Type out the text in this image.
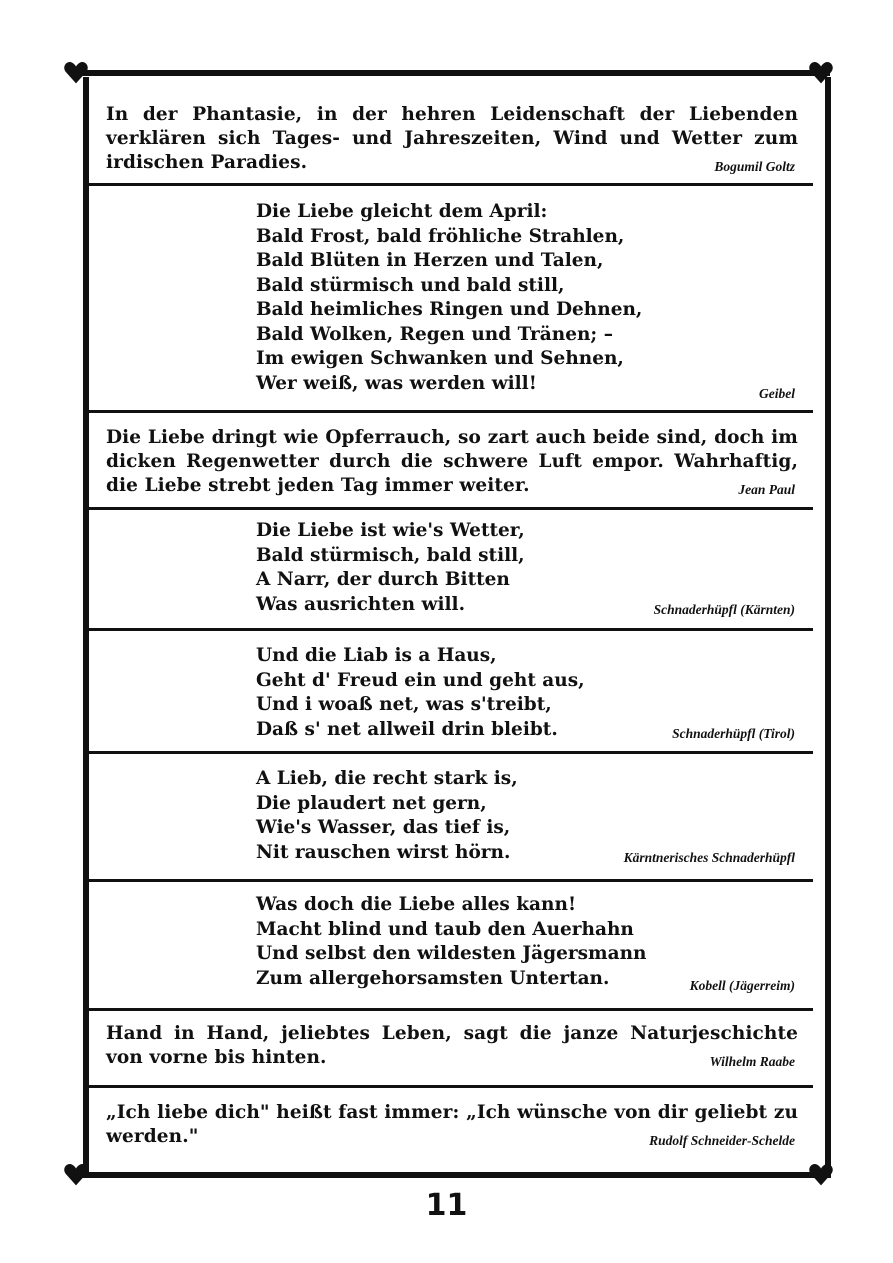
In der Phantasie, in der hehren Leidenschaft der Liebenden verklären sich Tages- und Jahreszeiten, Wind und Wetter zum irdischen Paradies.	Bogumil Goltz
Die Liebe gleicht dem April:
Bald Frost, bald fröhliche Strahlen,
Bald Blüten in Herzen und Talen,
Bald stürmisch und bald still,
Bald heimliches Ringen und Dehnen,
Bald Wolken, Regen und Tränen; –
Im ewigen Schwanken und Sehnen,
Wer weiß, was werden will!	Geibel

Die Liebe dringt wie Opferrauch, so zart auch beide sind, doch im dicken Regenwetter durch die schwere Luft empor. Wahrhaftig, die Liebe strebt jeden Tag immer weiter.	Jean Paul
Die Liebe ist wie's Wetter,
Bald stürmisch, bald still,
A Narr, der durch Bitten
Was ausrichten will.	Schnaderhüpfl (Kärnten)
Und die Liab is a Haus,
Geht d' Freud ein und geht aus,
Und i woaß net, was s'treibt,
Daß s' net allweil drin bleibt.	Schnaderhüpfl (Tirol)
A Lieb, die recht stark is,
Die plaudert net gern,
Wie's Wasser, das tief is,
Nit rauschen wirst hörn.	Kärntnerisches Schnaderhüpfl
Was doch die Liebe alles kann!
Macht blind und taub den Auerhahn
Und selbst den wildesten Jägersmann
Zum allergehorsamsten Untertan.	Kobell (Jägerreim)

Hand in Hand, jeliebtes Leben, sagt die janze Naturjeschichte von vorne bis hinten.	Wilhelm Raabe

„Ich liebe dich" heißt fast immer: „Ich wünsche von dir geliebt zu werden."	Rudolf Schneider-Schelde
11
